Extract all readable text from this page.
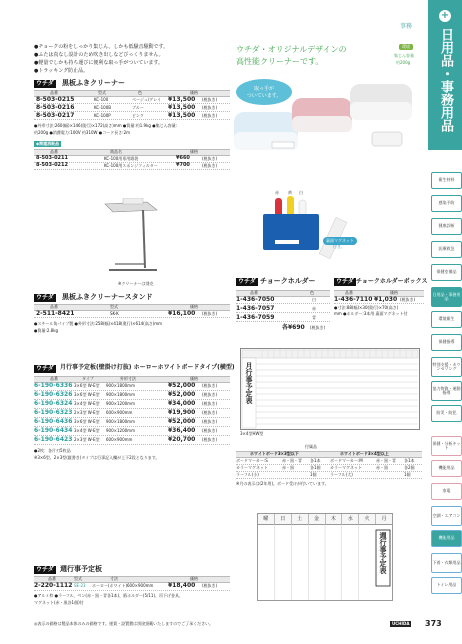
事務
●チョークの粉をしっかり集じん。しかも低騒音駆動です。
●ふたは真なし設計のため吹き出しなどびっくりません。
●軽量でしかも持ち運びに便利な取っ手がついています。
●トラッキング防止品。
ウチダ 黒板ふきクリーナー
品番	型式	色	価格
8-503-0215	KC-100	ベージュ/グレイ ¥13,500 (税抜き)
8-503-0216	KC-100B	ブルー	¥13,500 (税抜き)
8-503-0217	KC-100P	ピンク	¥13,500 (税抜き)
●外形寸法:260(幅)×146(奥行)×172(高さ)mm ●質量:約1.9kg ●集じん容量:
約200g ●消費電力:100V 約310W ●コード長さ:2m
◆関連消耗品
品番	商品名	価格
8-503-0211	KC-100用専用紙袋	¥660	(税抜き)
8-503-0212	KC-100用スポンジフィルター	¥700	(税抜き)
ウチダ・オリジナルデザインの
高性能クリーナーです。
環境
集じん容量
約200g
取っ手が
ついています。
※クリーナーは別売
ウチダ 黒板ふきクリーナースタンド
品番	型式	価格
2-511-8421	SK-K	¥16,100 (税抜き)
●スチール角パイプ製 ●外形寸法:258(幅)×418(奥行)×614(高さ)mm
●質量:2.8kg
赤 黄 白
裏面マグネット
付き。
ウチダ チョークホルダー
品番	色
1-436-7050	白
1-436-7057	赤
1-436-7059	青
各¥690 (税抜き)
ウチダ チョークホルダーボックス
品番	価格
1-436-7110 ¥1,030 (税抜き)
●寸法:88(幅)×30(奥行)×70(高さ)
mm ●ホルダー:3本用 裏面マグネット付
ウチダ	月行事予定板(壁掛け打抜) ホーローホワイトボードタイプ(横型)
品番	タイプ	外形寸法	価格
6-190-6336 3×6型 W-E型 900×1800mm	¥52,000 (税抜き)
6-190-6326 3×6型 W-E型 900×1800mm	¥52,000 (税抜き)
6-190-6324 3×4型 W-E型 900×1200mm	¥34,000 (税抜き)
6-190-6323 2×3型 W-E型 600×900mm	¥19,900 (税抜き)
6-190-6436 3×6型 W-E型 900×1800mm	¥52,000 (税抜き)
6-190-6434 3×4型 W-E型 900×1200mm	¥36,400 (税抜き)
6-190-6423 2×3型 W-E型 600×900mm	¥20,700 (税抜き)
●2枚：各片刃5枚品
※3×6型、2×3型(縦書き)タイプは行事記入欄が上下2段となります。
月行事予定表
3×4型HW型
付属品
ホワイトボード3×3型以下	ホワイトボード3×4型以上
ボードマーカー:S	赤・黒・青 各1本 ボードマーカー:M	赤・黒・青 各1本
カラーマグネット	赤・黒	各1個 カラーマグネット	赤・黒	各2個
ラーフル(小)	1個	ラーフル(大)	1個
※月の表示は(2年用)。ボード受けが付いています。
ウチダ 週行事予定板
品番	型式	寸法	価格
2-220-1112 SE-23 ホーロー(ホワイト)600×900mm ¥18,400 (税抜き)
●アルミ枠 ●ラーフル、ペン(赤・黒・青各1本)、紙ホルダー(5/11)、吊下げ金具、
マグネット(赤・黒各1個)付
曜	日	土	金	木	水	火	月
週行事予定表
◎表示の価格は製品本体のみの価格です。運賃・設置費は別途頂戴いたしますのでご了承ください。	UCHIDA 373
+
日用品・事務用品
衛生材料
感染予防
健康診断
医療救急
保健室備品
日用品・事務用品
環境衛生
保健指導
特別支援・カウンセリング
協力物資・運動指導
防災・防犯
保健・分析キット
機能用品
家電
空調・エアコン
機能用品
下着・衣類用品
トイレ用品
